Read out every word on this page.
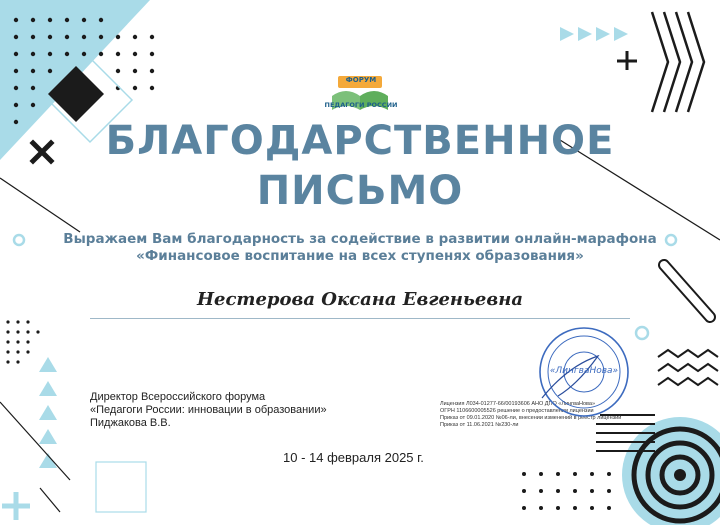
ФОРУМ
ПЕДАГОГИ РОССИИ
БЛАГОДАРСТВЕННОЕ
ПИСЬМО
Выражаем Вам благодарность за содействие в развитии онлайн-марафона
«Финансовое воспитание на всех ступенях образования»
Нестерова Оксана Евгеньевна
Директор Всероссийского форума
«Педагоги России: инновации в образовании»
Пиджакова В.В.
Лицензия Л034-01277-66/00193606 АНО ДПО «ЛингваНова»
ОГРН 1106600005526 решение о предоставлении лицензии
Приказ от 09.01.2020 №06-ли, внесении изменений в реестр лицензий
Приказ от 11.06.2021 №230-ли
«ЛингваНова»
10 - 14 февраля 2025 г.
